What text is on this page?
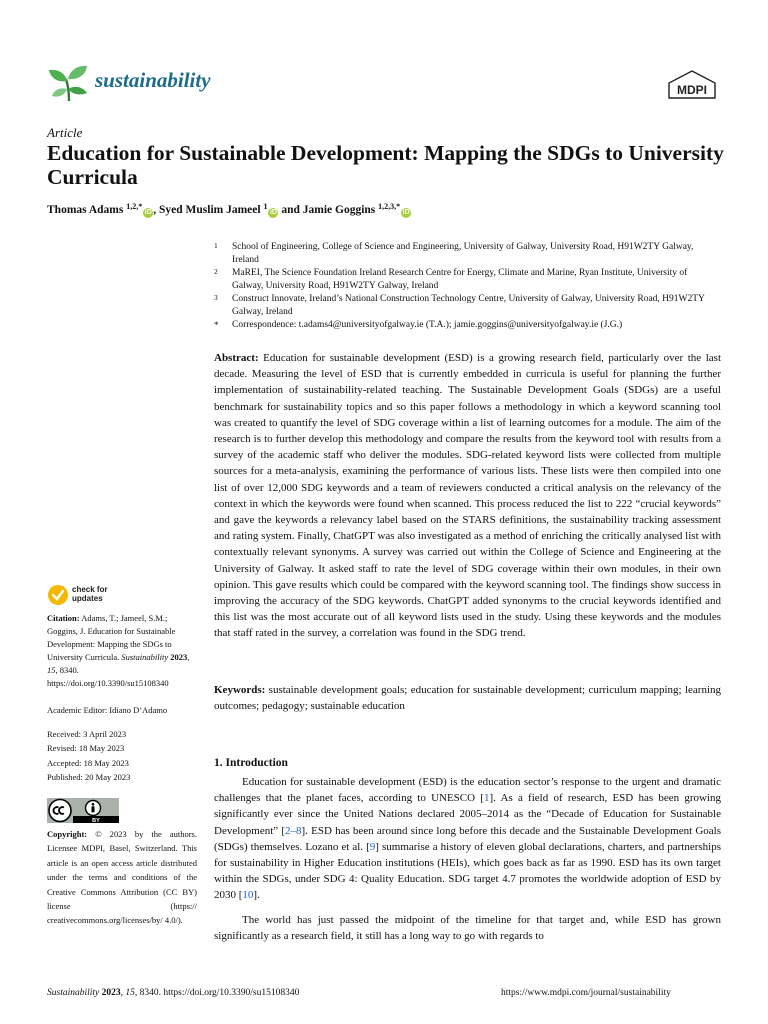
sustainability	MDPI
Article
Education for Sustainable Development: Mapping the SDGs to University Curricula
Thomas Adams $^{1,2,*}$iD , Syed Muslim Jameel $^1$iD and Jamie Goggins $^{1,2,3,*}$iD

1 School of Engineering, College of Science and Engineering, University of Galway, University Road, H91W2TY Galway, Ireland

2 MaREI, The Science Foundation Ireland Research Centre for Energy, Climate and Marine, Ryan Institute, University of Galway, University Road, H91W2TY Galway, Ireland

3 Construct Innovate, Ireland’s National Construction Technology Centre, University of Galway, University Road, H91W2TY Galway, Ireland

* Correspondence: t.adams4@universityofgalway.ie (T.A.); jamie.goggins@universityofgalway.ie (J.G.)

Abstract: Education for sustainable development (ESD) is a growing research field, particularly over the last decade. Measuring the level of ESD that is currently embedded in curricula is useful for planning the further implementation of sustainability-related teaching. The Sustainable Development Goals (SDGs) are a useful benchmark for sustainability topics and so this paper follows a methodology in which a keyword scanning tool was created to quantify the level of SDG coverage within a list of learning outcomes for a module. The aim of the research is to further develop this methodology and compare the results from the keyword tool with results from a survey of the academic staff who deliver the modules. SDG-related keyword lists were collected from multiple sources for a meta-analysis, examining the performance of various lists. These lists were then compiled into one list of over 12,000 SDG keywords and a team of reviewers conducted a critical analysis on the relevancy of the context in which the keywords were found when scanned. This process reduced the list to 222 “crucial keywords” and gave the keywords a relevancy label based on the STARS definitions, the sustainability tracking assessment and rating system. Finally, ChatGPT was also investigated as a method of enriching the critically analysed list with contextually relevant synonyms. A survey was carried out within the College of Science and Engineering at the University of Galway. It asked staff to rate the level of SDG coverage within their own modules, in their own opinion. This gave results which could be compared with the keyword scanning tool. The findings show success in improving the accuracy of the SDG keywords. ChatGPT added synonyms to the crucial keywords identified and this list was the most accurate out of all keyword lists used in the study. Using these keywords and the modules that staff rated in the survey, a correlation was found in the SDG trend.
Keywords: sustainable development goals; education for sustainable development; curriculum mapping; learning outcomes; pedagogy; sustainable education
check for
updates
Citation: Adams, T.; Jameel, S.M.; Goggins, J. Education for Sustainable Development: Mapping the SDGs to University Curricula. Sustainability 2023, 15, 8340. https://doi.org/10.3390/su15108340
Academic Editor: Idiano D’Adamo
Received: 3 April 2023
Revised: 18 May 2023
Accepted: 18 May 2023
Published: 20 May 2023
BY
Copyright: © 2023 by the authors. Licensee MDPI, Basel, Switzerland. This article is an open access article distributed under the terms and conditions of the Creative Commons Attribution (CC BY) license (https:// creativecommons.org/licenses/by/ 4.0/).
1. Introduction
Education for sustainable development (ESD) is the education sector’s response to the urgent and dramatic challenges that the planet faces, according to UNESCO [1]. As a field of research, ESD has been growing significantly ever since the United Nations declared 2005–2014 as the “Decade of Education for Sustainable Development” [2–8]. ESD has been around since long before this decade and the Sustainable Development Goals (SDGs) themselves. Lozano et al. [9] summarise a history of eleven global declarations, charters, and partnerships for sustainability in Higher Education institutions (HEIs), which goes back as far as 1990. ESD has its own target within the SDGs, under SDG 4: Quality Education. SDG target 4.7 promotes the worldwide adoption of ESD by 2030 [10].
The world has just passed the midpoint of the timeline for that target and, while ESD has grown significantly as a research field, it still has a long way to go with regards to
Sustainability 2023, 15, 8340. https://doi.org/10.3390/su15108340	https://www.mdpi.com/journal/sustainability
